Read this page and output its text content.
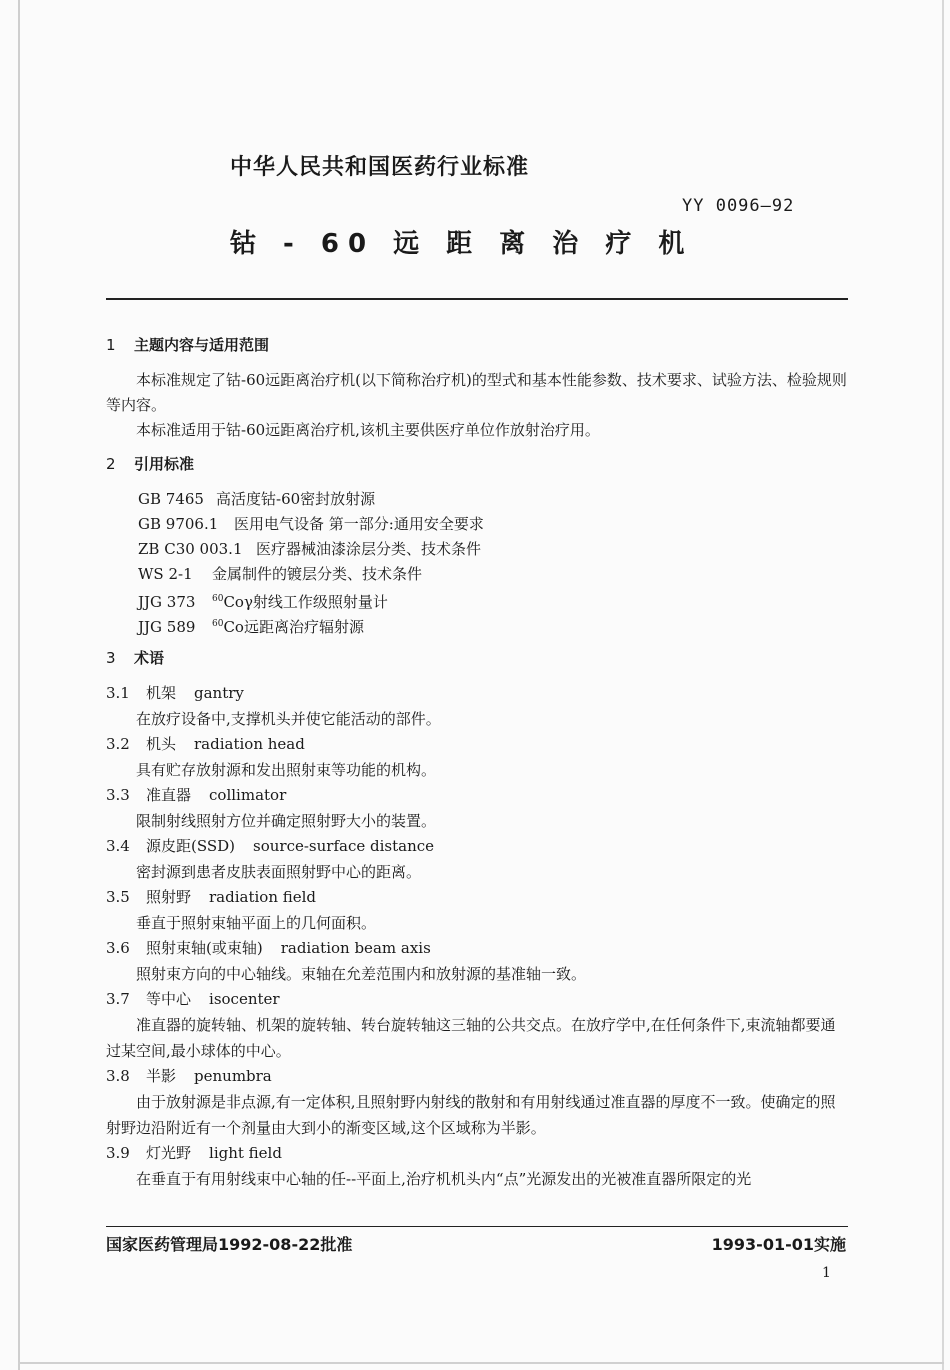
中华人民共和国医药行业标准
YY 0096—92
钴 - 60 远 距 离 治 疗 机
1 主题内容与适用范围
本标准规定了钴-60远距离治疗机(以下简称治疗机)的型式和基本性能参数、技术要求、试验方法、检验规则等内容。
本标准适用于钴-60远距离治疗机,该机主要供医疗单位作放射治疗用。
2 引用标准
GB 7465 高活度钴-60密封放射源
GB 9706.1 医用电气设备 第一部分:通用安全要求
ZB C30 003.1 医疗器械油漆涂层分类、技术条件
WS 2-1 金属制件的镀层分类、技术条件
JJG 373 $^{60}$Coγ射线工作级照射量计
JJG 589 $^{60}$Co远距离治疗辐射源
3 术语
3.1 机架 gantry
在放疗设备中,支撑机头并使它能活动的部件。
3.2 机头 radiation head
具有贮存放射源和发出照射束等功能的机构。
3.3 准直器 collimator
限制射线照射方位并确定照射野大小的装置。
3.4 源皮距(SSD) source-surface distance
密封源到患者皮肤表面照射野中心的距离。
3.5 照射野 radiation field
垂直于照射束轴平面上的几何面积。
3.6 照射束轴(或束轴) radiation beam axis
照射束方向的中心轴线。束轴在允差范围内和放射源的基准轴一致。
3.7 等中心 isocenter
准直器的旋转轴、机架的旋转轴、转台旋转轴这三轴的公共交点。在放疗学中,在任何条件下,束流轴都要通过某空间,最小球体的中心。
3.8 半影 penumbra
由于放射源是非点源,有一定体积,且照射野内射线的散射和有用射线通过准直器的厚度不一致。使确定的照射野边沿附近有一个剂量由大到小的渐变区域,这个区域称为半影。
3.9 灯光野 light field
在垂直于有用射线束中心轴的任--平面上,治疗机机头内“点”光源发出的光被准直器所限定的光
国家医药管理局1992-08-22批准	1993-01-01实施
1
